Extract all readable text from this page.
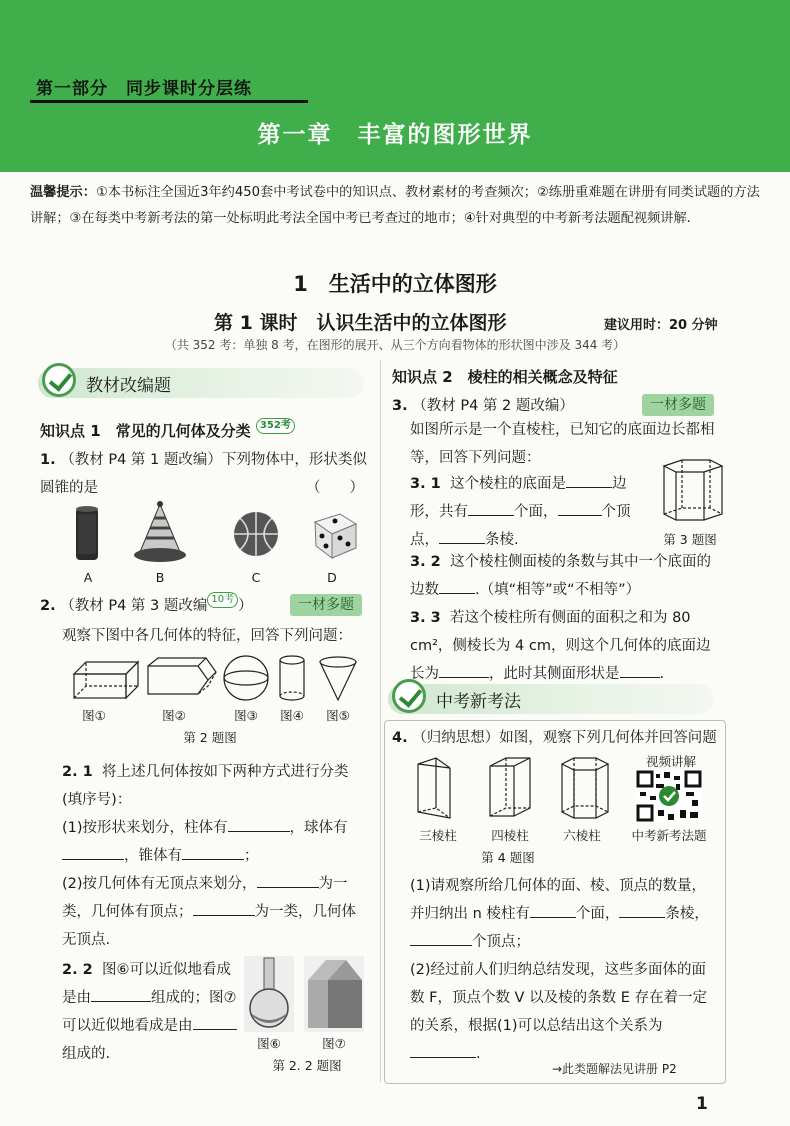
第一部分　同步课时分层练
第一章　丰富的图形世界
温馨提示：①本书标注全国近3年约450套中考试卷中的知识点、教材素材的考查频次；②练册重难题在讲册有同类试题的方法讲解；③在每类中考新考法的第一处标明此考法全国中考已考查过的地市；④针对典型的中考新考法题配视频讲解.
1　生活中的立体图形
第 1 课时　认识生活中的立体图形	建议用时：20 分钟
（共 352 考：单独 8 考，在图形的展开、从三个方向看物体的形状图中涉及 344 考）
教材改编题
知识点 1　常见的几何体及分类 352考
1. （教材 P4 第 1 题改编）下列物体中，形状类似圆锥的是	（　　）
A	B	C	D
2. （教材 P4 第 3 题改编 10考 ）	一材多题
观察下图中各几何体的特征，回答下列问题：
图①	图②	图③	图④	图⑤
第 2 题图
2. 1 将上述几何体按如下两种方式进行分类(填序号)：
(1)按形状来划分，柱体有	，球体有，锥体有	；
(2)按几何体有无顶点来划分，	为一类，几何体有顶点；	为一类，几何体无顶点.
2. 2 图⑥可以近似地看成是由	组成的；图⑦可以近似地看成是由组成的.
图⑥	图⑦
第 2. 2 题图
知识点 2　棱柱的相关概念及特征
3. （教材 P4 第 2 题改编）	一材多题
如图所示是一个直棱柱，已知它的底面边长都相等，回答下列问题：
3. 1 这个棱柱的底面是	边形，共有	个面，	个顶点，	条棱.	第 3 题图
3. 2 这个棱柱侧面棱的条数与其中一个底面的边数 .（填“相等”或“不相等”）
3. 3 若这个棱柱所有侧面的面积之和为 80 cm²，侧棱长为 4 cm，则这个几何体的底面边长为	，此时其侧面形状是	.
中考新考法
4. （归纳思想）如图，观察下列几何体并回答问题
三棱柱	四棱柱	六棱柱
第 4 题图
视频讲解
中考新考法题
(1)请观察所给几何体的面、棱、顶点的数量，并归纳出 n 棱柱有	个面，	条棱，个顶点；
(2)经过前人们归纳总结发现，这些多面体的面数 F，顶点个数 V 以及棱的条数 E 存在着一定的关系，根据(1)可以总结出这个关系为.
→此类题解法见讲册 P2
1
